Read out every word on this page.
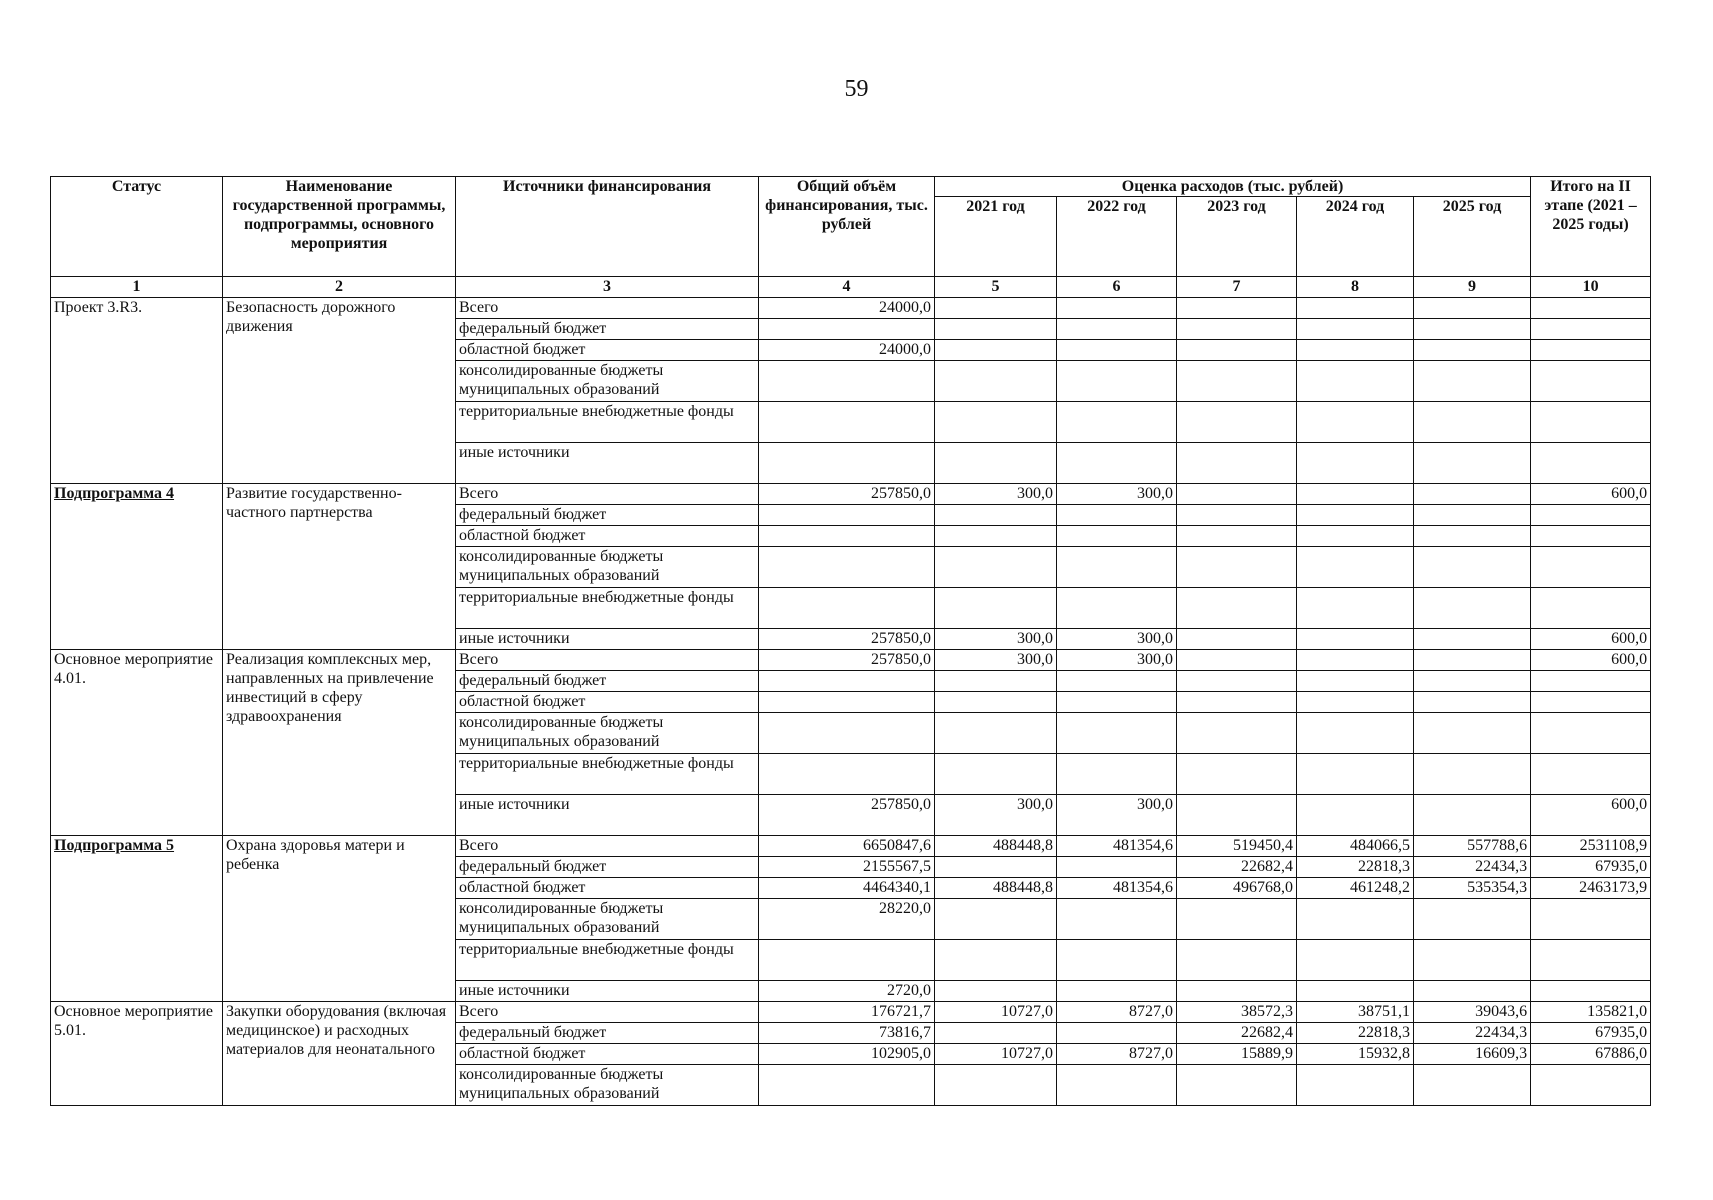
59
Статус	Наименование государственной программы, подпрограммы, основного мероприятия	Источники финансирования	Общий объём финансирования, тыс. рублей	Оценка расходов (тыс. рублей)					Итого на II этапе (2021 – 2025 годы)
				2021 год	2022 год	2023 год	2024 год	2025 год	
1	2	3	4	5	6	7	8	9	10
Проект 3.R3.	Безопасность дорожного движения	Всего	24000,0						
		федеральный бюджет							
		областной бюджет	24000,0						
		консолидированные бюджеты муниципальных образований							
		территориальные внебюджетные фонды							
		иные источники							
Подпрограмма 4	Развитие государственно-частного партнерства	Всего	257850,0	300,0	300,0				600,0
		федеральный бюджет							
		областной бюджет							
		консолидированные бюджеты муниципальных образований							
		территориальные внебюджетные фонды							
		иные источники	257850,0	300,0	300,0				600,0
Основное мероприятие 4.01.	Реализация комплексных мер, направленных на привлечение инвестиций в сферу здравоохранения	Всего	257850,0	300,0	300,0				600,0
		федеральный бюджет							
		областной бюджет							
		консолидированные бюджеты муниципальных образований							
		территориальные внебюджетные фонды							
		иные источники	257850,0	300,0	300,0				600,0
Подпрограмма 5	Охрана здоровья матери и ребенка	Всего	6650847,6	488448,8	481354,6	519450,4	484066,5	557788,6	2531108,9
		федеральный бюджет	2155567,5			22682,4	22818,3	22434,3	67935,0
		областной бюджет	4464340,1	488448,8	481354,6	496768,0	461248,2	535354,3	2463173,9
		консолидированные бюджеты муниципальных образований	28220,0						
		территориальные внебюджетные фонды							
		иные источники	2720,0						
Основное мероприятие 5.01.	Закупки оборудования (включая медицинское) и расходных материалов для неонатального	Всего	176721,7	10727,0	8727,0	38572,3	38751,1	39043,6	135821,0
		федеральный бюджет	73816,7			22682,4	22818,3	22434,3	67935,0
		областной бюджет	102905,0	10727,0	8727,0	15889,9	15932,8	16609,3	67886,0
		консолидированные бюджеты муниципальных образований							
